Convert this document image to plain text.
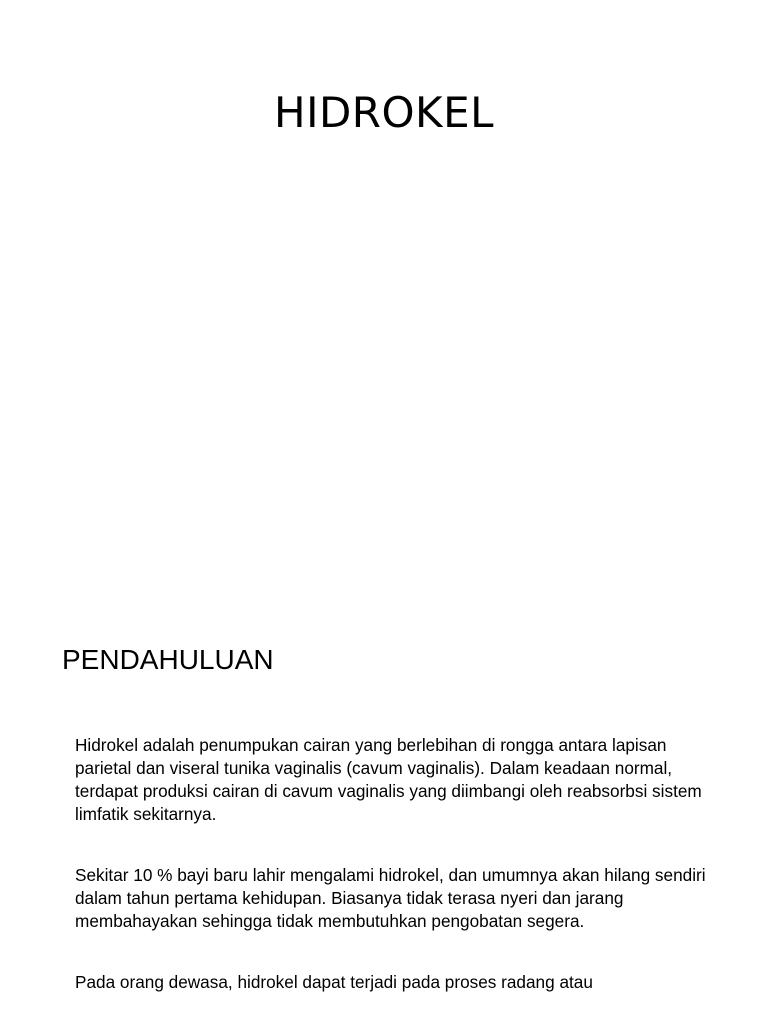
HIDROKEL
PENDAHULUAN

Hidrokel adalah penumpukan cairan yang berlebihan di rongga antara lapisan parietal dan viseral tunika vaginalis (cavum vaginalis). Dalam keadaan normal, terdapat produksi cairan di cavum vaginalis yang diimbangi oleh reabsorbsi sistem limfatik sekitarnya.

Sekitar 10 % bayi baru lahir mengalami hidrokel, dan umumnya akan hilang sendiri dalam tahun pertama kehidupan. Biasanya tidak terasa nyeri dan jarang membahayakan sehingga tidak membutuhkan pengobatan segera.

Pada orang dewasa, hidrokel dapat terjadi pada proses radang atau
